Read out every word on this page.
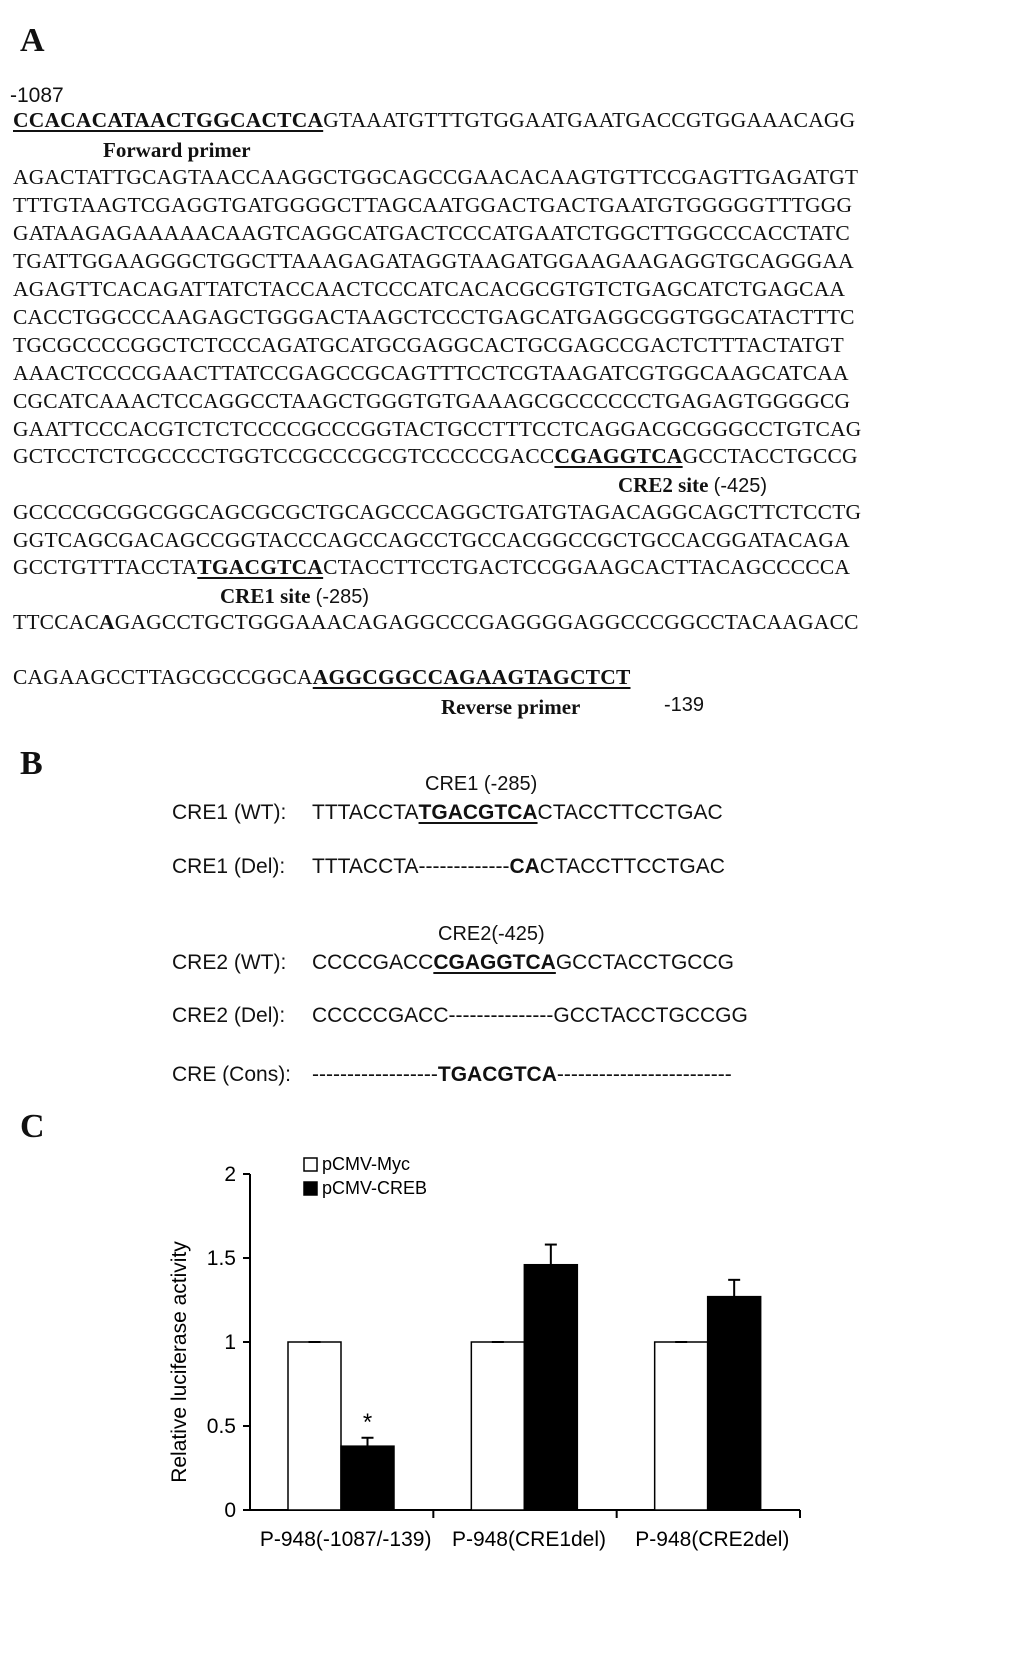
A
-1087
CCACACATAACTGGCACTCAGTAAATGTTTGTGGAATGAATGACCGTGGAAACAGG
Forward primer
AGACTATTGCAGTAACCAAGGCTGGCAGCCGAACACAAGTGTTCCGAGTTGAGATGT
TTTGTAAGTCGAGGTGATGGGGCTTAGCAATGGACTGACTGAATGTGGGGGTTTGGG
GATAAGAGAAAAACAAGTCAGGCATGACTCCCATGAATCTGGCTTGGCCCACCTATC
TGATTGGAAGGGCTGGCTTAAAGAGATAGGTAAGATGGAAGAAGAGGTGCAGGGAA
AGAGTTCACAGATTATCTACCAACTCCCATCACACGCGTGTCTGAGCATCTGAGCAA
CACCTGGCCCAAGAGCTGGGACTAAGCTCCCTGAGCATGAGGCGGTGGCATACTTTC
TGCGCCCCGGCTCTCCCAGATGCATGCGAGGCACTGCGAGCCGACTCTTTACTATGT
AAACTCCCCGAACTTATCCGAGCCGCAGTTTCCTCGTAAGATCGTGGCAAGCATCAA
CGCATCAAACTCCAGGCCTAAGCTGGGTGTGAAAGCGCCCCCCTGAGAGTGGGGCG
GAATTCCCACGTCTCTCCCCGCCCGGTACTGCCTTTCCTCAGGACGCGGGCCTGTCAG
GCTCCTCTCGCCCCTGGTCCGCCCGCGTCCCCCGACCCGAGGTCAGCCTACCTGCCG
CRE2 site (-425)
GCCCCGCGGCGGCAGCGCGCTGCAGCCCAGGCTGATGTAGACAGGCAGCTTCTCCTG
GGTCAGCGACAGCCGGTACCCAGCCAGCCTGCCACGGCCGCTGCCACGGATACAGA
GCCTGTTTACCTATGACGTCACTACCTTCCTGACTCCGGAAGCACTTACAGCCCCCA
CRE1 site (-285)
TTCCACAGAGCCTGCTGGGAAACAGAGGCCCGAGGGGAGGCCCGGCCTACAAGACC
CAGAAGCCTTAGCGCCGGCAAGGCGGCCAGAAGTAGCTCT
Reverse primer	-139
B
CRE1 (-285)
CRE1 (WT): TTTACCTATGACGTCACTACCTTCCTGAC
CRE1 (Del): TTTACCTA-------------CACTACCTTCCTGAC
CRE2(-425)
CRE2 (WT): CCCCGACCCGAGGTCAGCCTACCTGCCG
CRE2 (Del): CCCCCGACC---------------GCCTACCTGCCGG
CRE (Cons): ------------------TGACGTCA-------------------------
C
0
0.5
1
1.5
2
Relative luciferase activity
P-948(-1087/-139) P-948(CRE1del) P-948(CRE2del)
*
pCMV-Myc
pCMV-CREB
